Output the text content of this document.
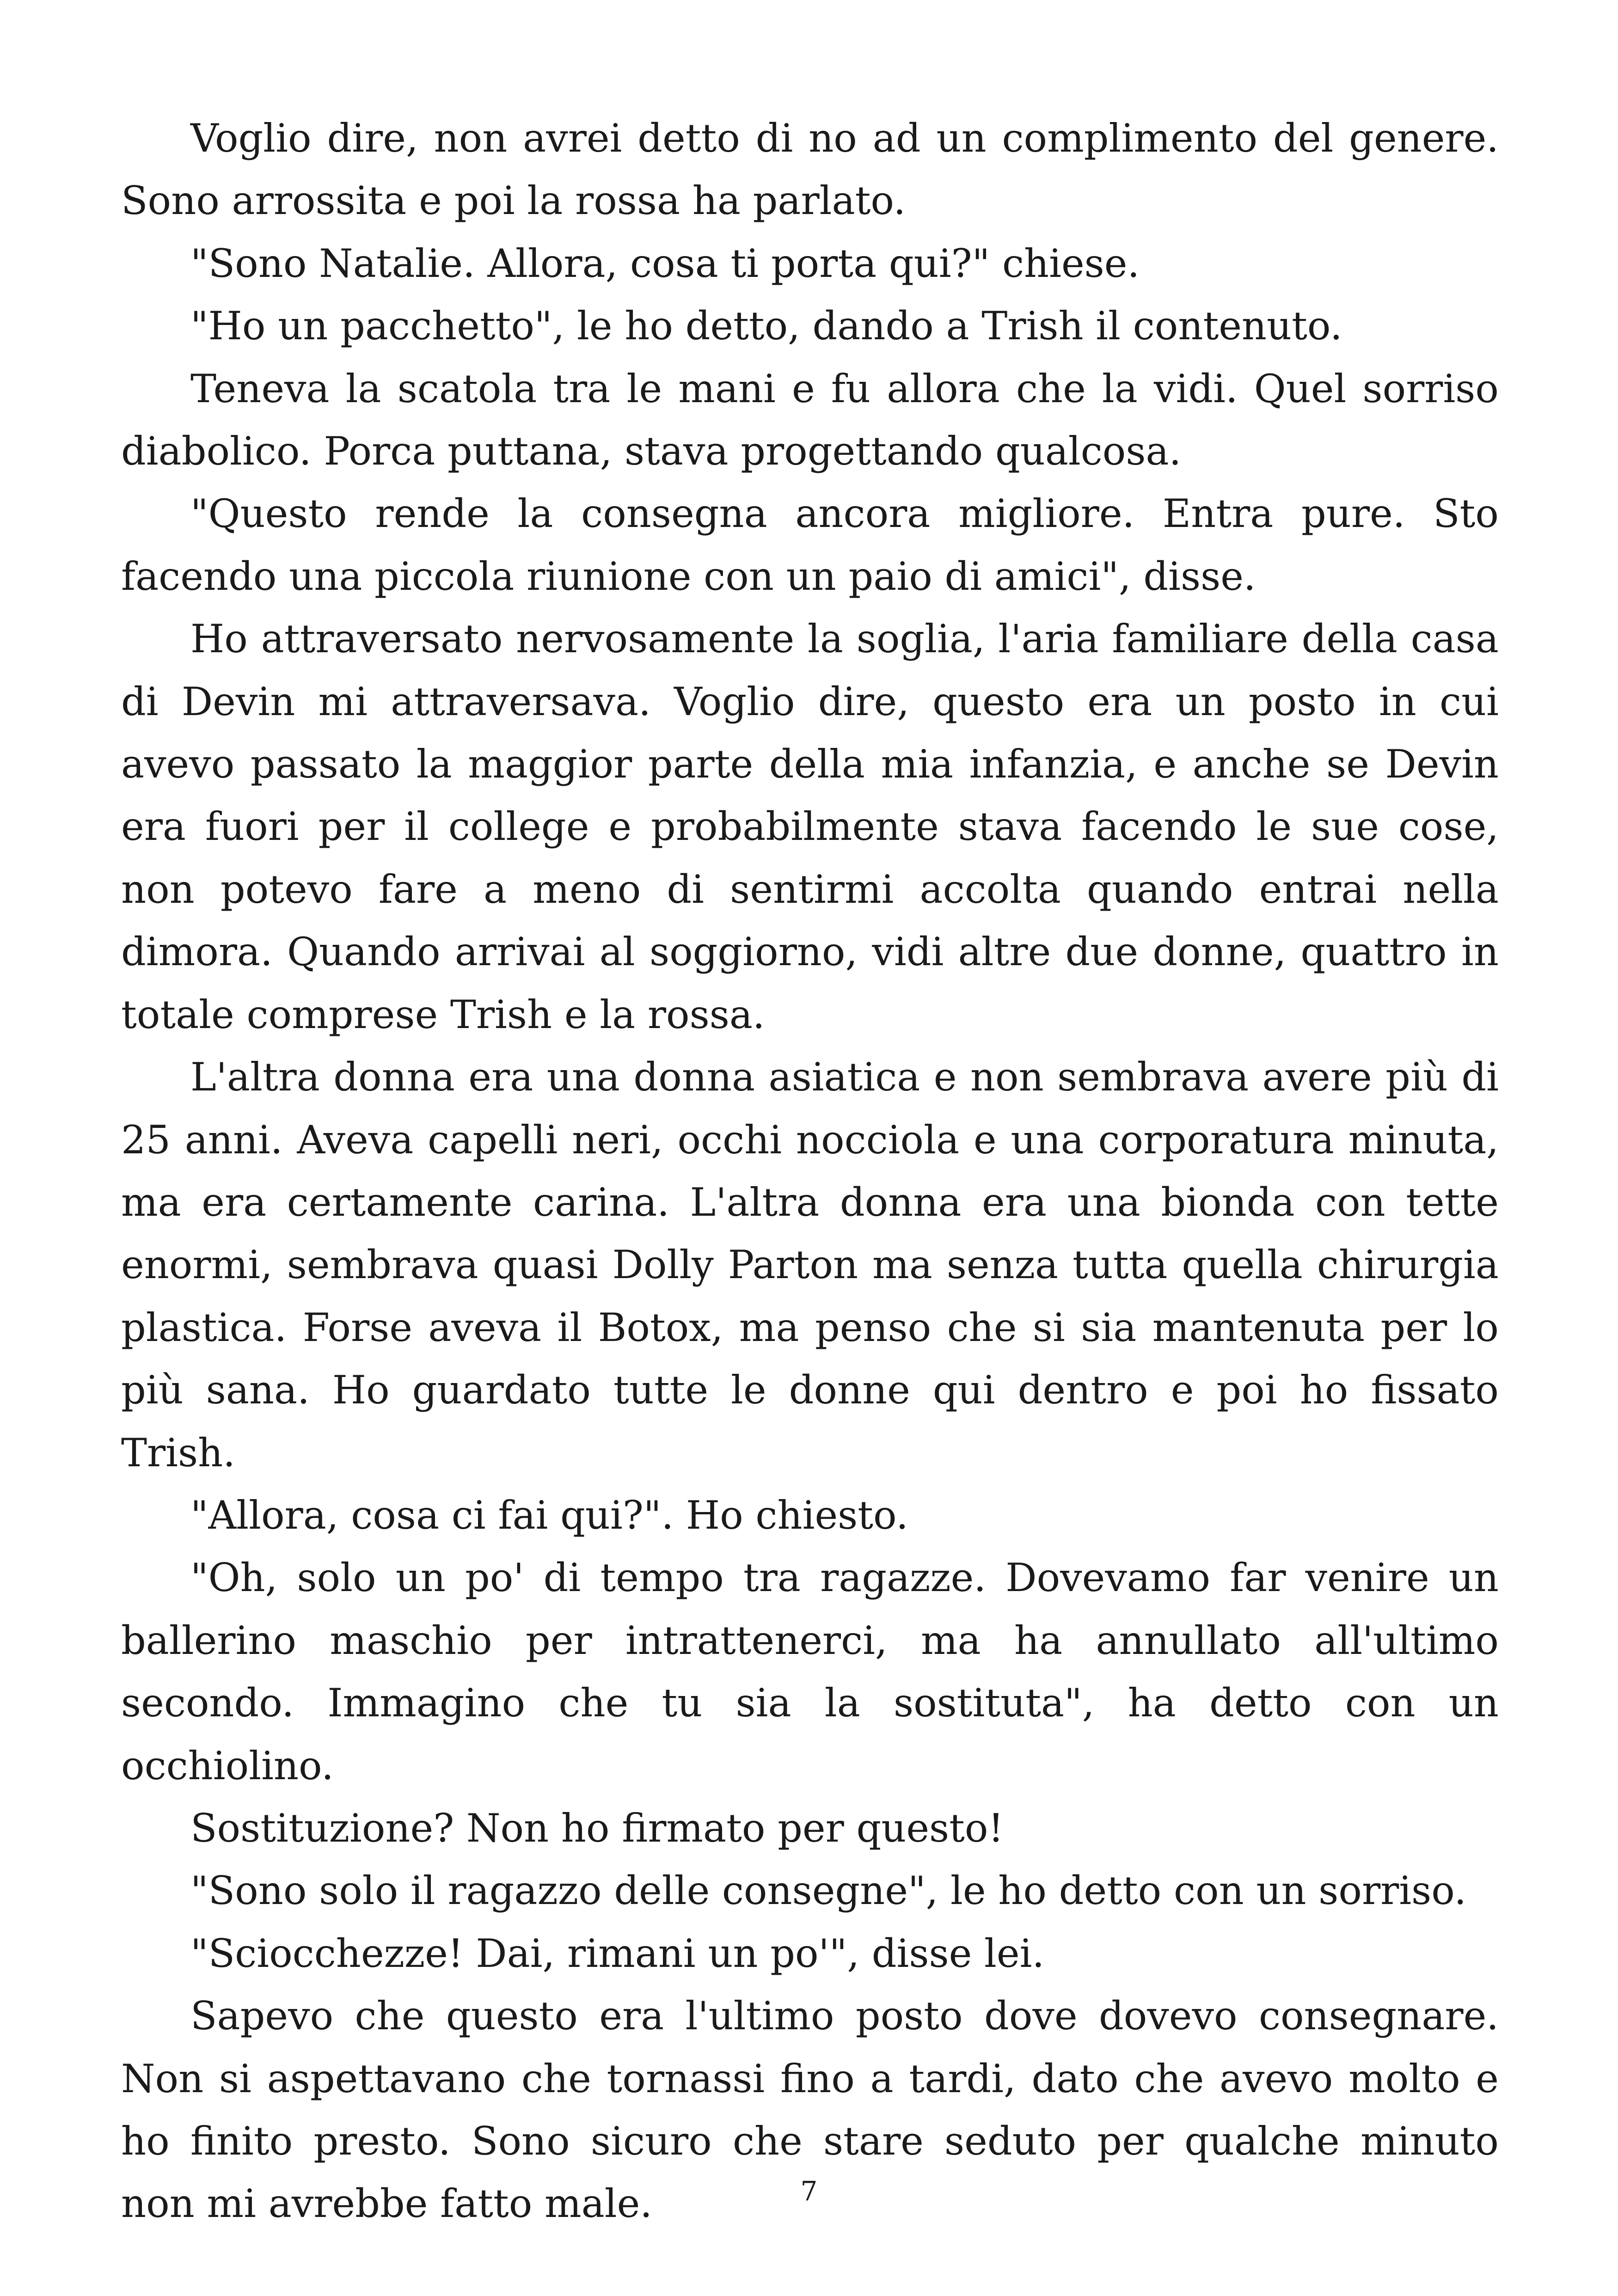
Voglio dire, non avrei detto di no ad un complimento del genere. Sono arrossita e poi la rossa ha parlato.

"Sono Natalie. Allora, cosa ti porta qui?" chiese.

"Ho un pacchetto", le ho detto, dando a Trish il contenuto.

Teneva la scatola tra le mani e fu allora che la vidi. Quel sorriso diabolico. Porca puttana, stava progettando qualcosa.

"Questo rende la consegna ancora migliore. Entra pure. Sto facendo una piccola riunione con un paio di amici", disse.

Ho attraversato nervosamente la soglia, l'aria familiare della casa di Devin mi attraversava. Voglio dire, questo era un posto in cui avevo passato la maggior parte della mia infanzia, e anche se Devin era fuori per il college e probabilmente stava facendo le sue cose, non potevo fare a meno di sentirmi accolta quando entrai nella dimora. Quando arrivai al soggiorno, vidi altre due donne, quattro in totale comprese Trish e la rossa.

L'altra donna era una donna asiatica e non sembrava avere più di 25 anni. Aveva capelli neri, occhi nocciola e una corporatura minuta, ma era certamente carina. L'altra donna era una bionda con tette enormi, sembrava quasi Dolly Parton ma senza tutta quella chirurgia plastica. Forse aveva il Botox, ma penso che si sia mantenuta per lo più sana. Ho guardato tutte le donne qui dentro e poi ho fissato Trish.

"Allora, cosa ci fai qui?". Ho chiesto.

"Oh, solo un po' di tempo tra ragazze. Dovevamo far venire un ballerino maschio per intrattenerci, ma ha annullato all'ultimo secondo. Immagino che tu sia la sostituta", ha detto con un occhiolino.

Sostituzione? Non ho firmato per questo!

"Sono solo il ragazzo delle consegne", le ho detto con un sorriso.

"Sciocchezze! Dai, rimani un po'", disse lei.

Sapevo che questo era l'ultimo posto dove dovevo consegnare. Non si aspettavano che tornassi fino a tardi, dato che avevo molto e ho finito presto. Sono sicuro che stare seduto per qualche minuto non mi avrebbe fatto male.	7
